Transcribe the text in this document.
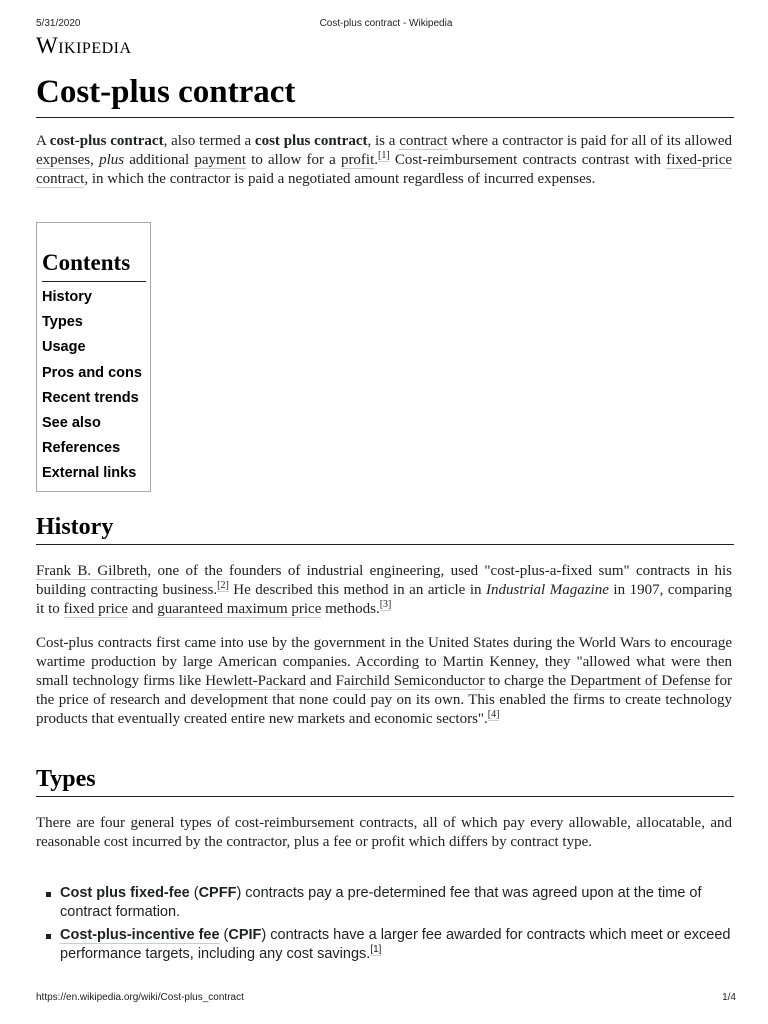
5/31/2020	Cost-plus contract - Wikipedia
Wikipedia
Cost-plus contract

A cost-plus contract, also termed a cost plus contract, is a contract where a contractor is paid for all of its allowed expenses, plus additional payment to allow for a profit.[1] Cost-reimbursement contracts contrast with fixed-price contract, in which the contractor is paid a negotiated amount regardless of incurred expenses.

Contents
History
Types
Usage
Pros and cons
Recent trends
See also
References
External links
History

Frank B. Gilbreth, one of the founders of industrial engineering, used "cost-plus-a-fixed sum" contracts in his building contracting business.[2] He described this method in an article in Industrial Magazine in 1907, comparing it to fixed price and guaranteed maximum price methods.[3]

Cost-plus contracts first came into use by the government in the United States during the World Wars to encourage wartime production by large American companies. According to Martin Kenney, they "allowed what were then small technology firms like Hewlett-Packard and Fairchild Semiconductor to charge the Department of Defense for the price of research and development that none could pay on its own. This enabled the firms to create technology products that eventually created entire new markets and economic sectors".[4]

Types

There are four general types of cost-reimbursement contracts, all of which pay every allowable, allocatable, and reasonable cost incurred by the contractor, plus a fee or profit which differs by contract type.

Cost plus fixed-fee (CPFF) contracts pay a pre-determined fee that was agreed upon at the time of contract formation.
Cost-plus-incentive fee (CPIF) contracts have a larger fee awarded for contracts which meet or exceed performance targets, including any cost savings.[1]
https://en.wikipedia.org/wiki/Cost-plus_contract	1/4
